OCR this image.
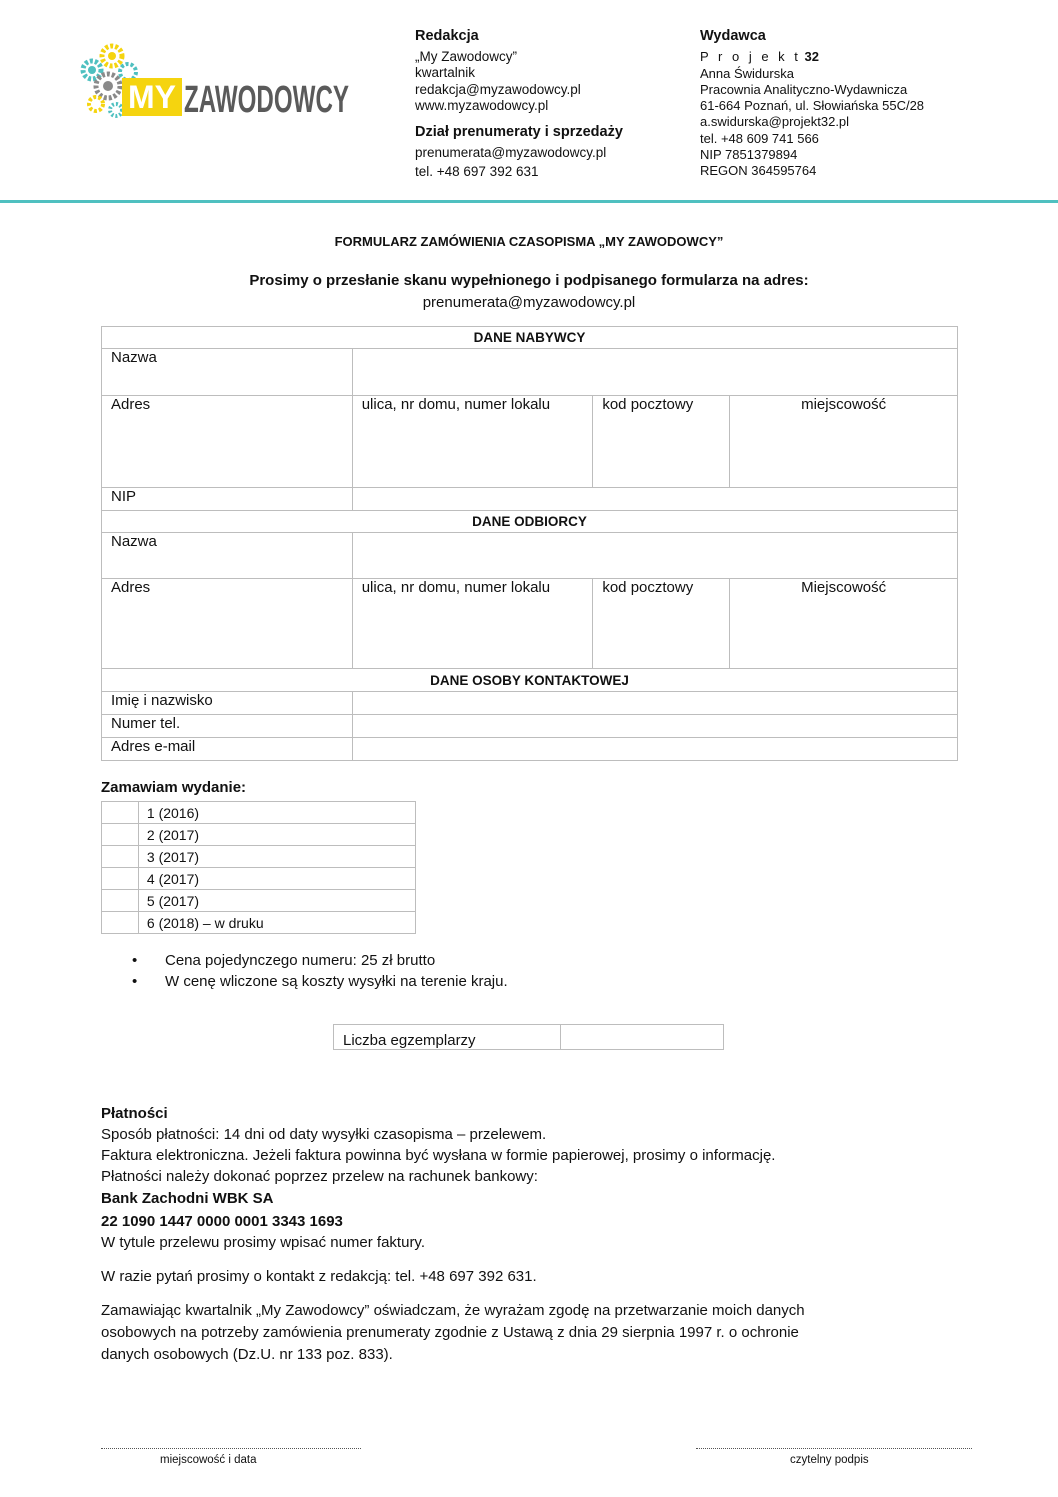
MY ZAWODOWCY
Redakcja
„My Zawodowcy”
kwartalnik
redakcja@myzawodowcy.pl
www.myzawodowcy.pl
Dział prenumeraty i sprzedaży
prenumerata@myzawodowcy.pl
tel. +48 697 392 631
Wydawca
P r o j e k t 32
Anna Świdurska
Pracownia Analityczno-Wydawnicza
61-664 Poznań, ul. Słowiańska 55C/28
a.swidurska@projekt32.pl
tel. +48 609 741 566
NIP 7851379894
REGON 364595764
FORMULARZ ZAMÓWIENIA CZASOPISMA „MY ZAWODOWCY”
Prosimy o przesłanie skanu wypełnionego i podpisanego formularza na adres:
prenumerata@myzawodowcy.pl
DANE NABYWCY			
Nazwa			
Adres	ulica, nr domu, numer lokalu	kod pocztowy	miejscowość
NIP			
DANE ODBIORCY			
Nazwa			
Adres	ulica, nr domu, numer lokalu	kod pocztowy	Miejscowość
DANE OSOBY KONTAKTOWEJ			
Imię i nazwisko			
Numer tel.			
Adres e-mail			
Zamawiam wydanie:
	1 (2016)
	2 (2017)
	3 (2017)
	4 (2017)
	5 (2017)
	6 (2018) – w druku
• Cena pojedynczego numeru: 25 zł brutto
• W cenę wliczone są koszty wysyłki na terenie kraju.
Liczba egzemplarzy	
Płatności
Sposób płatności: 14 dni od daty wysyłki czasopisma – przelewem.
Faktura elektroniczna. Jeżeli faktura powinna być wysłana w formie papierowej, prosimy o informację.
Płatności należy dokonać poprzez przelew na rachunek bankowy:
Bank Zachodni WBK SA
22 1090 1447 0000 0001 3343 1693
W tytule przelewu prosimy wpisać numer faktury.
W razie pytań prosimy o kontakt z redakcją: tel. +48 697 392 631.
Zamawiając kwartalnik „My Zawodowcy” oświadczam, że wyrażam zgodę na przetwarzanie moich danych
osobowych na potrzeby zamówienia prenumeraty zgodnie z Ustawą z dnia 29 sierpnia 1997 r. o ochronie
danych osobowych (Dz.U. nr 133 poz. 833).
miejscowość i data	czytelny podpis
